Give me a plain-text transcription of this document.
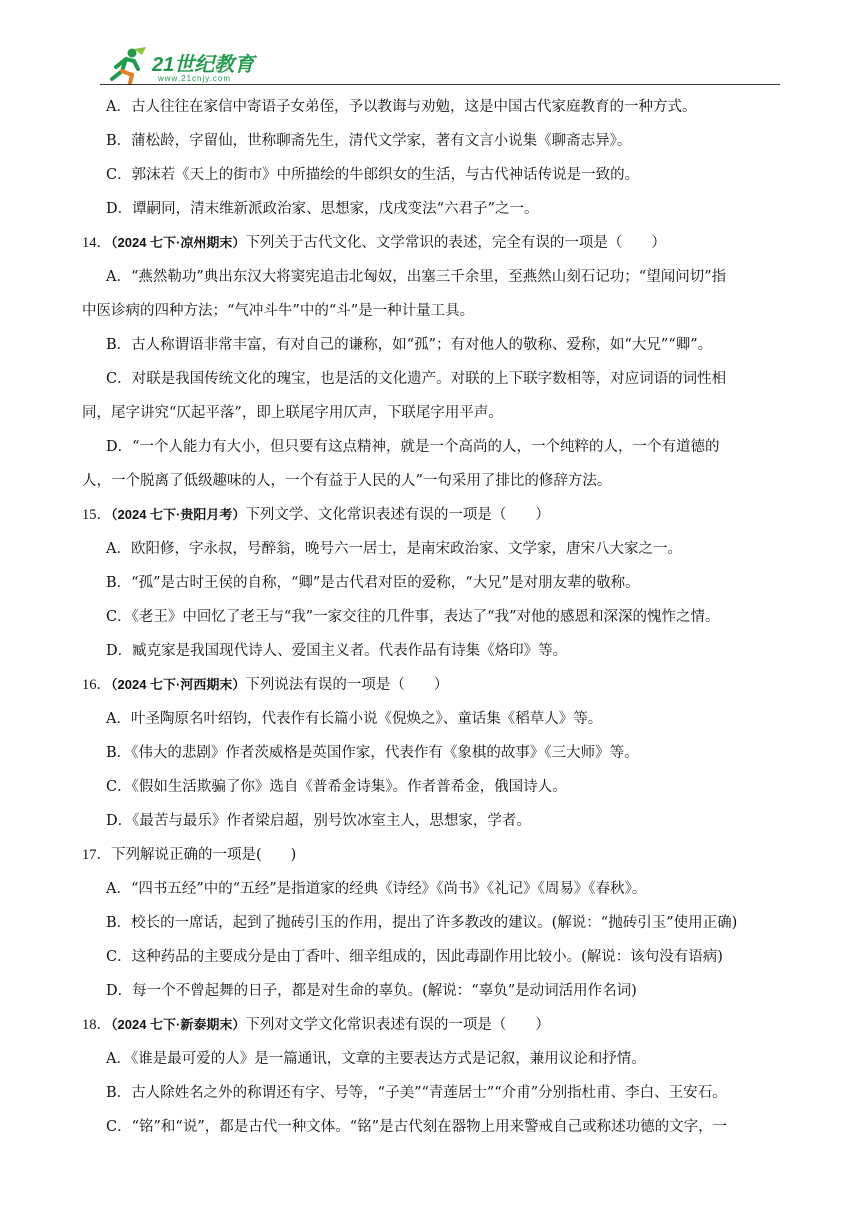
21世纪教育
www.21cnjy.com
A．古人往往在家信中寄语子女弟侄，予以教诲与劝勉，这是中国古代家庭教育的一种方式。
B．蒲松龄，字留仙，世称聊斋先生，清代文学家，著有文言小说集《聊斋志异》。
C．郭沫若《天上的街市》中所描绘的牛郎织女的生活，与古代神话传说是一致的。
D．谭嗣同，清末维新派政治家、思想家，戊戌变法“六君子”之一。
14．（2024 七下·凉州期末）下列关于古代文化、文学常识的表述，完全有误的一项是（　　）
A．“燕然勒功”典出东汉大将窦宪追击北匈奴，出塞三千余里，至燕然山刻石记功；“望闻问切”指
中医诊病的四种方法；“气冲斗牛”中的“斗”是一种计量工具。
B．古人称谓语非常丰富，有对自己的谦称，如“孤”；有对他人的敬称、爱称，如“大兄”“卿”。
C．对联是我国传统文化的瑰宝，也是活的文化遗产。对联的上下联字数相等，对应词语的词性相
同，尾字讲究“仄起平落”，即上联尾字用仄声，下联尾字用平声。
D．“一个人能力有大小，但只要有这点精神，就是一个高尚的人，一个纯粹的人，一个有道德的
人，一个脱离了低级趣味的人，一个有益于人民的人”一句采用了排比的修辞方法。
15．（2024 七下·贵阳月考）下列文学、文化常识表述有误的一项是（　　）
A．欧阳修，字永叔，号醉翁，晚号六一居士，是南宋政治家、文学家，唐宋八大家之一。
B．“孤”是古时王侯的自称，“卿”是古代君对臣的爱称，“大兄”是对朋友辈的敬称。
C．《老王》中回忆了老王与“我”一家交往的几件事，表达了“我”对他的感恩和深深的愧怍之情。
D．臧克家是我国现代诗人、爱国主义者。代表作品有诗集《烙印》等。
16．（2024 七下·河西期末）下列说法有误的一项是（　　）
A．叶圣陶原名叶绍钧，代表作有长篇小说《倪焕之》、童话集《稻草人》等。
B．《伟大的悲剧》作者茨威格是英国作家，代表作有《象棋的故事》《三大师》等。
C．《假如生活欺骗了你》选自《普希金诗集》。作者普希金，俄国诗人。
D．《最苦与最乐》作者梁启超，别号饮冰室主人，思想家，学者。
17．下列解说正确的一项是(　　)
A．“四书五经”中的“五经”是指道家的经典《诗经》《尚书》《礼记》《周易》《春秋》。
B．校长的一席话，起到了抛砖引玉的作用，提出了许多教改的建议。(解说：“抛砖引玉”使用正确)
C．这种药品的主要成分是由丁香叶、细辛组成的，因此毒副作用比较小。(解说：该句没有语病)
D．每一个不曾起舞的日子，都是对生命的辜负。(解说：“辜负”是动词活用作名词)
18．（2024 七下·新泰期末）下列对文学文化常识表述有误的一项是（　　）
A．《谁是最可爱的人》是一篇通讯，文章的主要表达方式是记叙，兼用议论和抒情。
B．古人除姓名之外的称谓还有字、号等，“子美”“青莲居士”“介甫”分别指杜甫、李白、王安石。
C．“铭”和“说”，都是古代一种文体。“铭”是古代刻在器物上用来警戒自己或称述功德的文字，一
